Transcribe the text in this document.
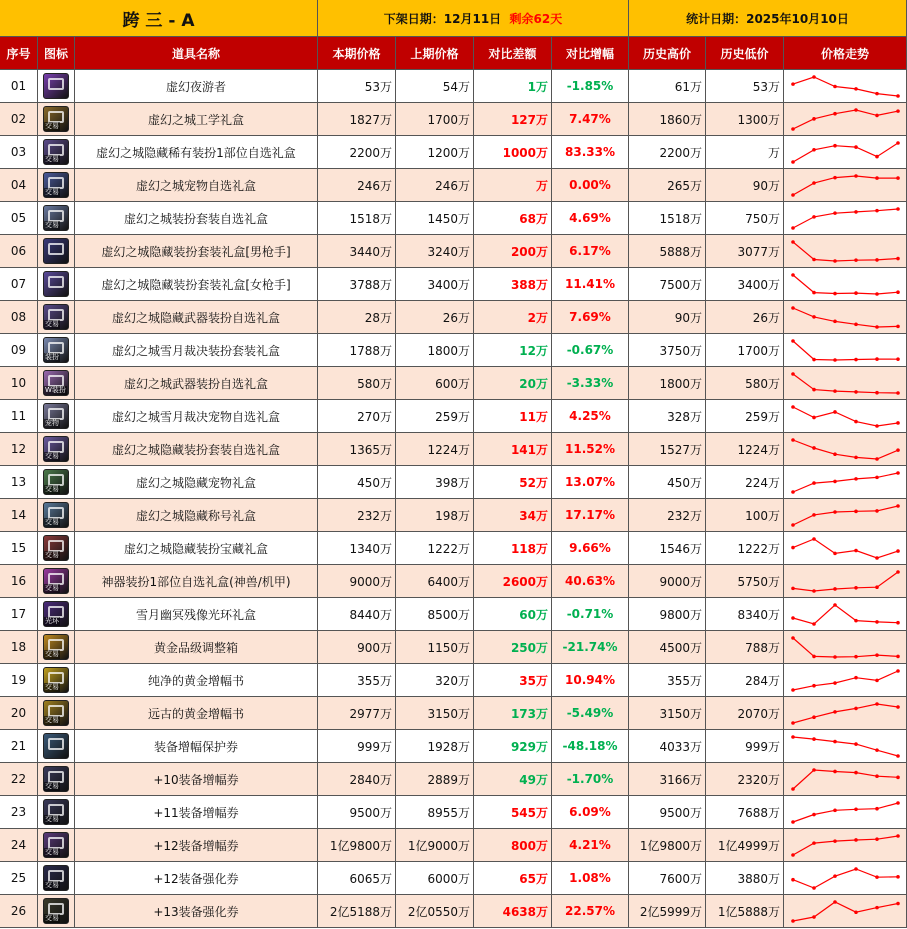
跨 三 - A	下架日期： 12月11日
剩余62天	统计日期： 2025年10月10日
序号 图标	道具名称	本期价格 上期价格 对比差额 对比增幅 历史高价 历史低价	价格走势
01	虚幻夜游者	53万	54万	1万 -1.85%	61万	53万
02	交易	虚幻之城工学礼盒	1827万	1700万	127万 7.47%	1860万	1300万
03	交易	虚幻之城隐藏稀有装扮1部位自选礼盒	2200万	1200万	1000万 83.33%	2200万	万
04	交易	虚幻之城宠物自选礼盒	246万	246万	万 0.00%	265万	90万
05	交易	虚幻之城装扮套装自选礼盒	1518万	1450万	68万 4.69%	1518万	750万
06	虚幻之城隐藏装扮套装礼盒[男枪手]	3440万	3240万	200万 6.17%	5888万	3077万
07	虚幻之城隐藏装扮套装礼盒[女枪手]	3788万	3400万	388万 11.41%	7500万	3400万
08	交易	虚幻之城隐藏武器装扮自选礼盒	28万	26万	2万 7.69%	90万	26万
09	装扮	虚幻之城雪月裁决装扮套装礼盒	1788万	1800万	12万 -0.67%	3750万	1700万
10	W装扮	虚幻之城武器装扮自选礼盒	580万	600万	20万 -3.33%	1800万	580万
11	宠物	虚幻之城雪月裁决宠物自选礼盒	270万	259万	11万 4.25%	328万	259万
12	交易	虚幻之城隐藏装扮套装自选礼盒	1365万	1224万	141万 11.52%	1527万	1224万
13	交易	虚幻之城隐藏宠物礼盒	450万	398万	52万 13.07%	450万	224万
14	交易	虚幻之城隐藏称号礼盒	232万	198万	34万 17.17%	232万	100万
15	交易	虚幻之城隐藏装扮宝藏礼盒	1340万	1222万	118万 9.66%	1546万	1222万
16	交易	神器装扮1部位自选礼盒(神兽/机甲)	9000万	6400万	2600万 40.63%	9000万	5750万
17	光环	雪月幽冥残像光环礼盒	8440万	8500万	60万 -0.71%	9800万	8340万
18	交易	黄金品级调整箱	900万	1150万	250万 -21.74%	4500万	788万
19	交易	纯净的黄金增幅书	355万	320万	35万 10.94%	355万	284万
20	交易	远古的黄金增幅书	2977万	3150万	173万 -5.49%	3150万	2070万
21	装备增幅保护券	999万	1928万	929万 -48.18%	4033万	999万
22	交易	+10装备增幅券	2840万	2889万	49万 -1.70%	3166万	2320万
23	交易	+11装备增幅券	9500万	8955万	545万 6.09%	9500万	7688万
24	交易	+12装备增幅券	1亿9800万 1亿9000万	800万 4.21% 1亿9800万 1亿4999万
25	交易	+12装备强化券	6065万	6000万	65万 1.08%	7600万	3880万
26	交易	+13装备强化券	2亿5188万 2亿0550万	4638万 22.57% 2亿5999万 1亿5888万
